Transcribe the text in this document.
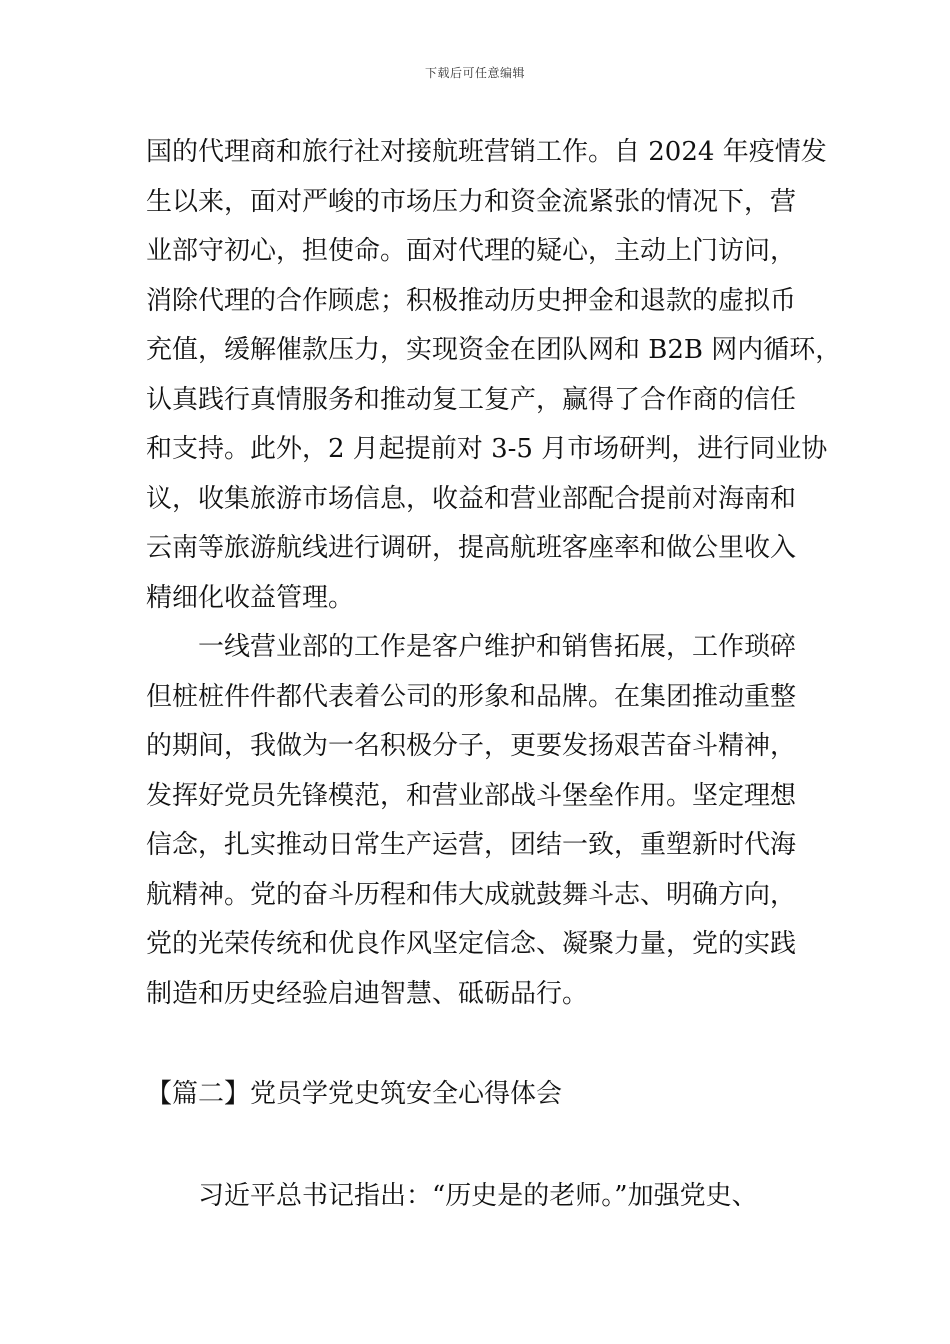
下载后可任意编辑
国的代理商和旅行社对接航班营销工作。自 2024 年疫情发
生以来，面对严峻的市场压力和资金流紧张的情况下，营
业部守初心，担使命。面对代理的疑心，主动上门访问，
消除代理的合作顾虑；积极推动历史押金和退款的虚拟币
充值，缓解催款压力，实现资金在团队网和 B2B 网内循环，
认真践行真情服务和推动复工复产，赢得了合作商的信任
和支持。此外，2 月起提前对 3-5 月市场研判，进行同业协
议，收集旅游市场信息，收益和营业部配合提前对海南和
云南等旅游航线进行调研，提高航班客座率和做公里收入
精细化收益管理。
一线营业部的工作是客户维护和销售拓展，工作琐碎
但桩桩件件都代表着公司的形象和品牌。在集团推动重整
的期间，我做为一名积极分子，更要发扬艰苦奋斗精神，
发挥好党员先锋模范，和营业部战斗堡垒作用。坚定理想
信念，扎实推动日常生产运营，团结一致，重塑新时代海
航精神。党的奋斗历程和伟大成就鼓舞斗志、明确方向，
党的光荣传统和优良作风坚定信念、凝聚力量，党的实践
制造和历史经验启迪智慧、砥砺品行。
【篇二】党员学党史筑安全心得体会
习近平总书记指出：“历史是的老师。”加强党史、
